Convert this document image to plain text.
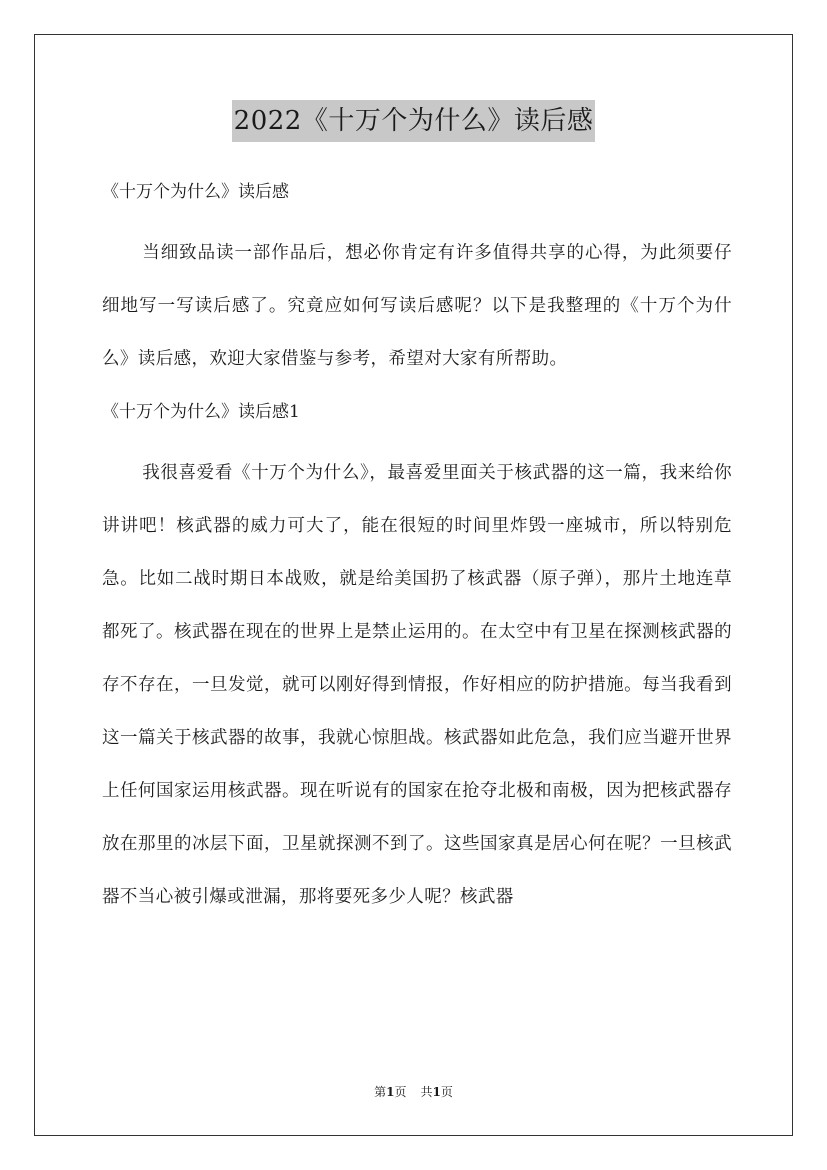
2022《十万个为什么》读后感

《十万个为什么》读后感

当细致品读一部作品后，想必你肯定有许多值得共享的心得，为此须要仔细地写一写读后感了。究竟应如何写读后感呢？以下是我整理的《十万个为什么》读后感，欢迎大家借鉴与参考，希望对大家有所帮助。

《十万个为什么》读后感1

我很喜爱看《十万个为什么》，最喜爱里面关于核武器的这一篇，我来给你讲讲吧！核武器的威力可大了，能在很短的时间里炸毁一座城市，所以特别危急。比如二战时期日本战败，就是给美国扔了核武器（原子弹），那片土地连草都死了。核武器在现在的世界上是禁止运用的。在太空中有卫星在探测核武器的存不存在，一旦发觉，就可以刚好得到情报，作好相应的防护措施。每当我看到这一篇关于核武器的故事，我就心惊胆战。核武器如此危急，我们应当避开世界上任何国家运用核武器。现在听说有的国家在抢夺北极和南极，因为把核武器存放在那里的冰层下面，卫星就探测不到了。这些国家真是居心何在呢？一旦核武器不当心被引爆或泄漏，那将要死多少人呢？核武器

第1页 共1页
